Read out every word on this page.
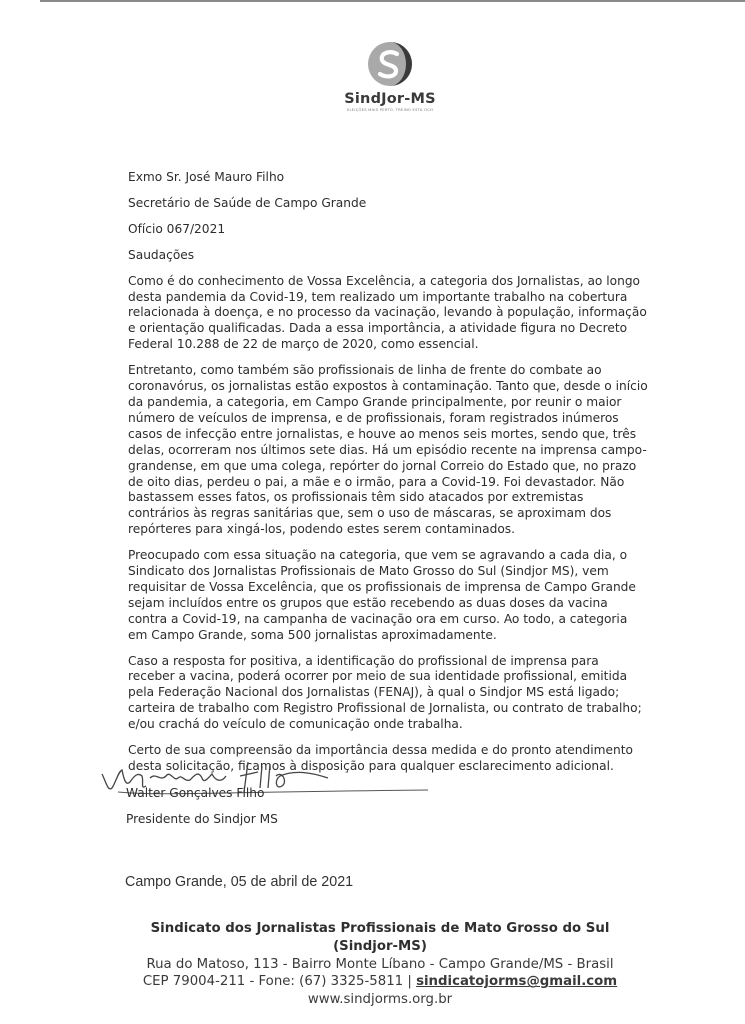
SindJor-MS
ELEIÇÕES MAIS PERTO. TREINO ESTA OCH

Exmo Sr. José Mauro Filho

Secretário de Saúde de Campo Grande

Ofício 067/2021

Saudações

Como é do conhecimento de Vossa Excelência, a categoria dos Jornalistas, ao longo desta pandemia da Covid-19, tem realizado um importante trabalho na cobertura relacionada à doença, e no processo da vacinação, levando à população, informação e orientação qualificadas. Dada a essa importância, a atividade figura no Decreto Federal 10.288 de 22 de março de 2020, como essencial.

Entretanto, como também são profissionais de linha de frente do combate ao coronavórus, os jornalistas estão expostos à contaminação. Tanto que, desde o início da pandemia, a categoria, em Campo Grande principalmente, por reunir o maior número de veículos de imprensa, e de profissionais, foram registrados inúmeros casos de infecção entre jornalistas, e houve ao menos seis mortes, sendo que, três delas, ocorreram nos últimos sete dias. Há um episódio recente na imprensa campo-grandense, em que uma colega, repórter do jornal Correio do Estado que, no prazo de oito dias, perdeu o pai, a mãe e o irmão, para a Covid-19. Foi devastador. Não bastassem esses fatos, os profissionais têm sido atacados por extremistas contrários às regras sanitárias que, sem o uso de máscaras, se aproximam dos repórteres para xingá-los, podendo estes serem contaminados.

Preocupado com essa situação na categoria, que vem se agravando a cada dia, o Sindicato dos Jornalistas Profissionais de Mato Grosso do Sul (Sindjor MS), vem requisitar de Vossa Excelência, que os profissionais de imprensa de Campo Grande sejam incluídos entre os grupos que estão recebendo as duas doses da vacina contra a Covid-19, na campanha de vacinação ora em curso. Ao todo, a categoria em Campo Grande, soma 500 jornalistas aproximadamente.

Caso a resposta for positiva, a identificação do profissional de imprensa para receber a vacina, poderá ocorrer por meio de sua identidade profissional, emitida pela Federação Nacional dos Jornalistas (FENAJ), à qual o Sindjor MS está ligado; carteira de trabalho com Registro Profissional de Jornalista, ou contrato de trabalho; e/ou crachá do veículo de comunicação onde trabalha.

Certo de sua compreensão da importância dessa medida e do pronto atendimento desta solicitação, ficamos à disposição para qualquer esclarecimento adicional.

Walter Gonçalves Filho
Presidente do Sindjor MS
Campo Grande, 05 de abril de 2021
Sindicato dos Jornalistas Profissionais de Mato Grosso do Sul (Sindjor-MS)
Rua do Matoso, 113 - Bairro Monte Líbano - Campo Grande/MS - Brasil
CEP 79004-211 - Fone: (67) 3325-5811 | sindicatojorms@gmail.com
www.sindjorms.org.br
